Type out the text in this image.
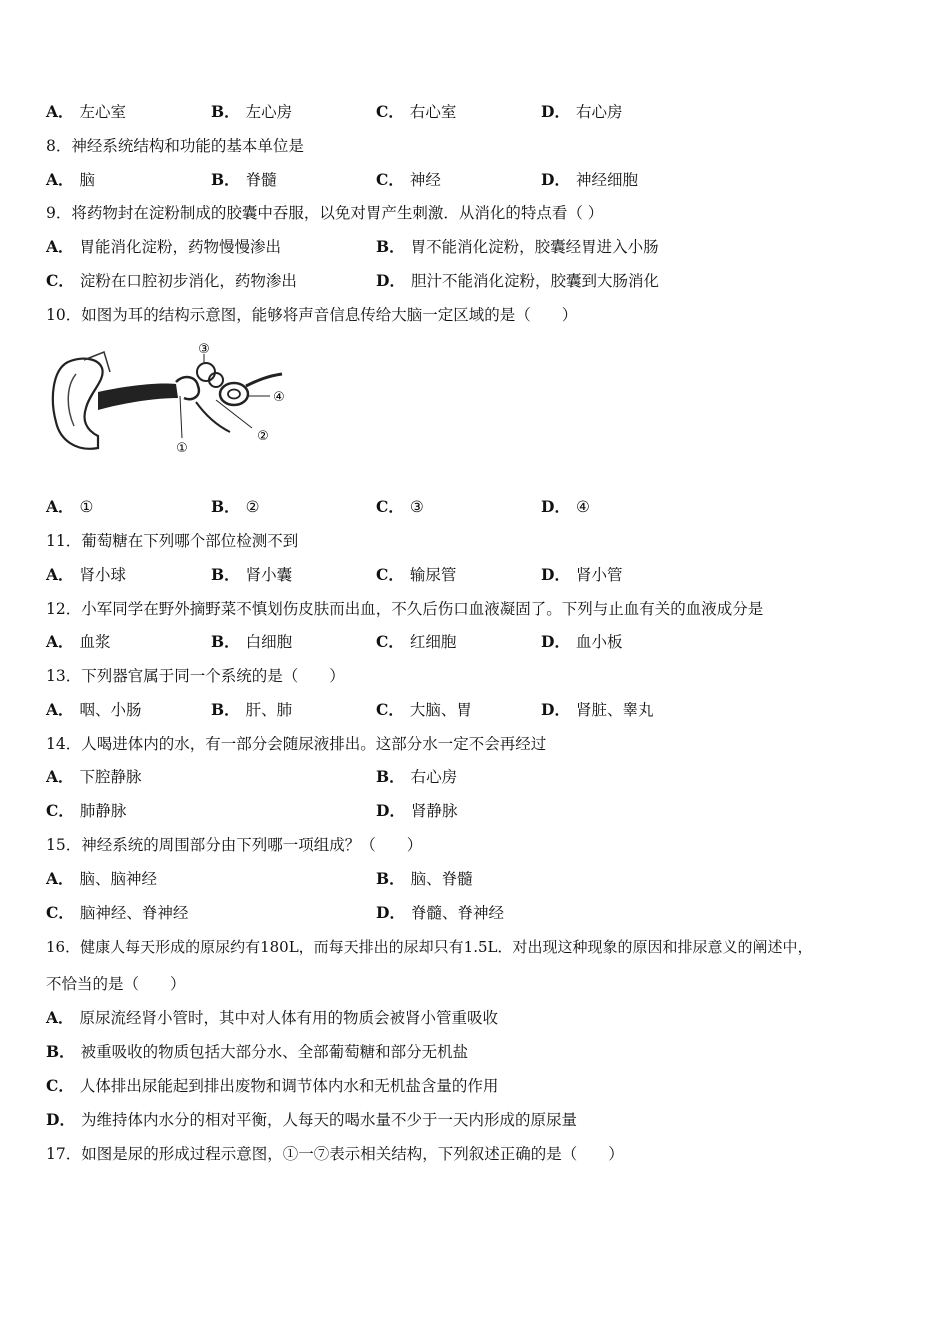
A． 左心室	B． 左心房	C． 右心室	D． 右心房
8．神经系统结构和功能的基本单位是
A． 脑	B． 脊髓	C． 神经	D． 神经细胞
9．将药物封在淀粉制成的胶囊中吞服，以免对胃产生刺激．从消化的特点看（ ）
A． 胃能消化淀粉，药物慢慢渗出	B． 胃不能消化淀粉，胶囊经胃进入小肠
C． 淀粉在口腔初步消化，药物渗出	D． 胆汁不能消化淀粉，胶囊到大肠消化
10．如图为耳的结构示意图，能够将声音信息传给大脑一定区域的是（　　）
①
②
③
④
A． ①	B． ②	C． ③	D． ④
11．葡萄糖在下列哪个部位检测不到
A． 肾小球	B． 肾小囊	C． 输尿管	D． 肾小管
12．小军同学在野外摘野菜不慎划伤皮肤而出血，不久后伤口血液凝固了。下列与止血有关的血液成分是
A． 血浆	B． 白细胞	C． 红细胞	D． 血小板
13．下列器官属于同一个系统的是（　　）
A． 咽、小肠	B． 肝、肺	C． 大脑、胃	D． 肾脏、睾丸
14．人喝进体内的水，有一部分会随尿液排出。这部分水一定不会再经过
A． 下腔静脉	B． 右心房
C． 肺静脉	D． 肾静脉
15．神经系统的周围部分由下列哪一项组成？（　　）
A． 脑、脑神经	B． 脑、脊髓
C． 脑神经、脊神经	D． 脊髓、脊神经
16．健康人每天形成的原尿约有180L，而每天排出的尿却只有1.5L．对出现这种现象的原因和排尿意义的阐述中，
不恰当的是（　　）
A． 原尿流经肾小管时，其中对人体有用的物质会被肾小管重吸收
B． 被重吸收的物质包括大部分水、全部葡萄糖和部分无机盐
C． 人体排出尿能起到排出废物和调节体内水和无机盐含量的作用
D． 为维持体内水分的相对平衡，人每天的喝水量不少于一天内形成的原尿量
17．如图是尿的形成过程示意图，①一⑦表示相关结构，下列叙述正确的是（　　）
